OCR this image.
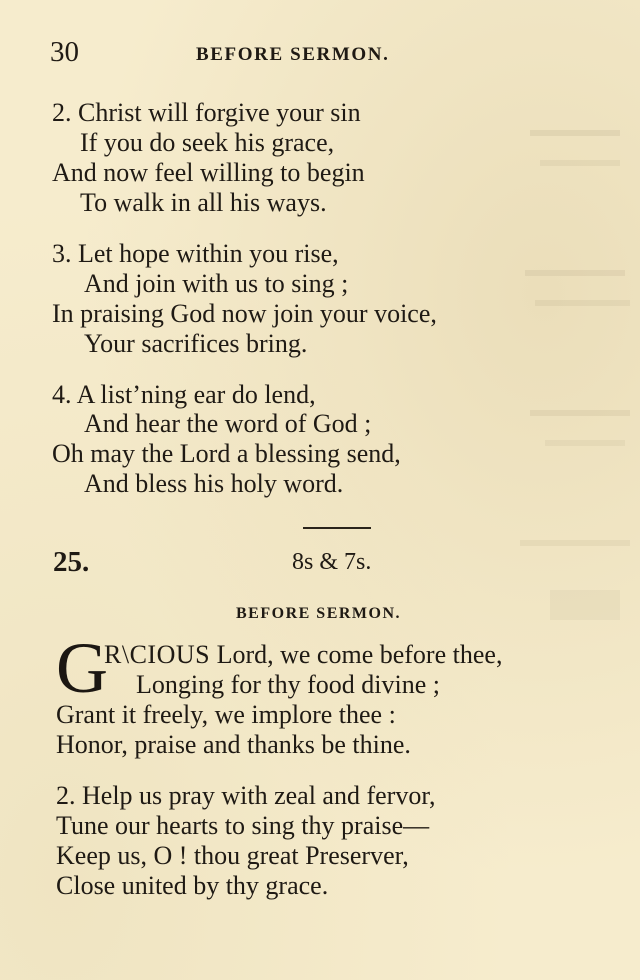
30	BEFORE SERMON.
2. Christ will forgive your sin
If you do seek his grace,
And now feel willing to begin
To walk in all his ways.
3. Let hope within you rise,
And join with us to sing ;
In praising God now join your voice,
Your sacrifices bring.
4. A list’ning ear do lend,
And hear the word of God ;
Oh may the Lord a blessing send,
And bless his holy word.
25.	8s & 7s.
BEFORE SERMON.
G
R\CIOUS Lord, we come before thee,
Longing for thy food divine ;
Grant it freely, we implore thee :
Honor, praise and thanks be thine.
2. Help us pray with zeal and fervor,
Tune our hearts to sing thy praise—
Keep us, O ! thou great Preserver,
Close united by thy grace.
